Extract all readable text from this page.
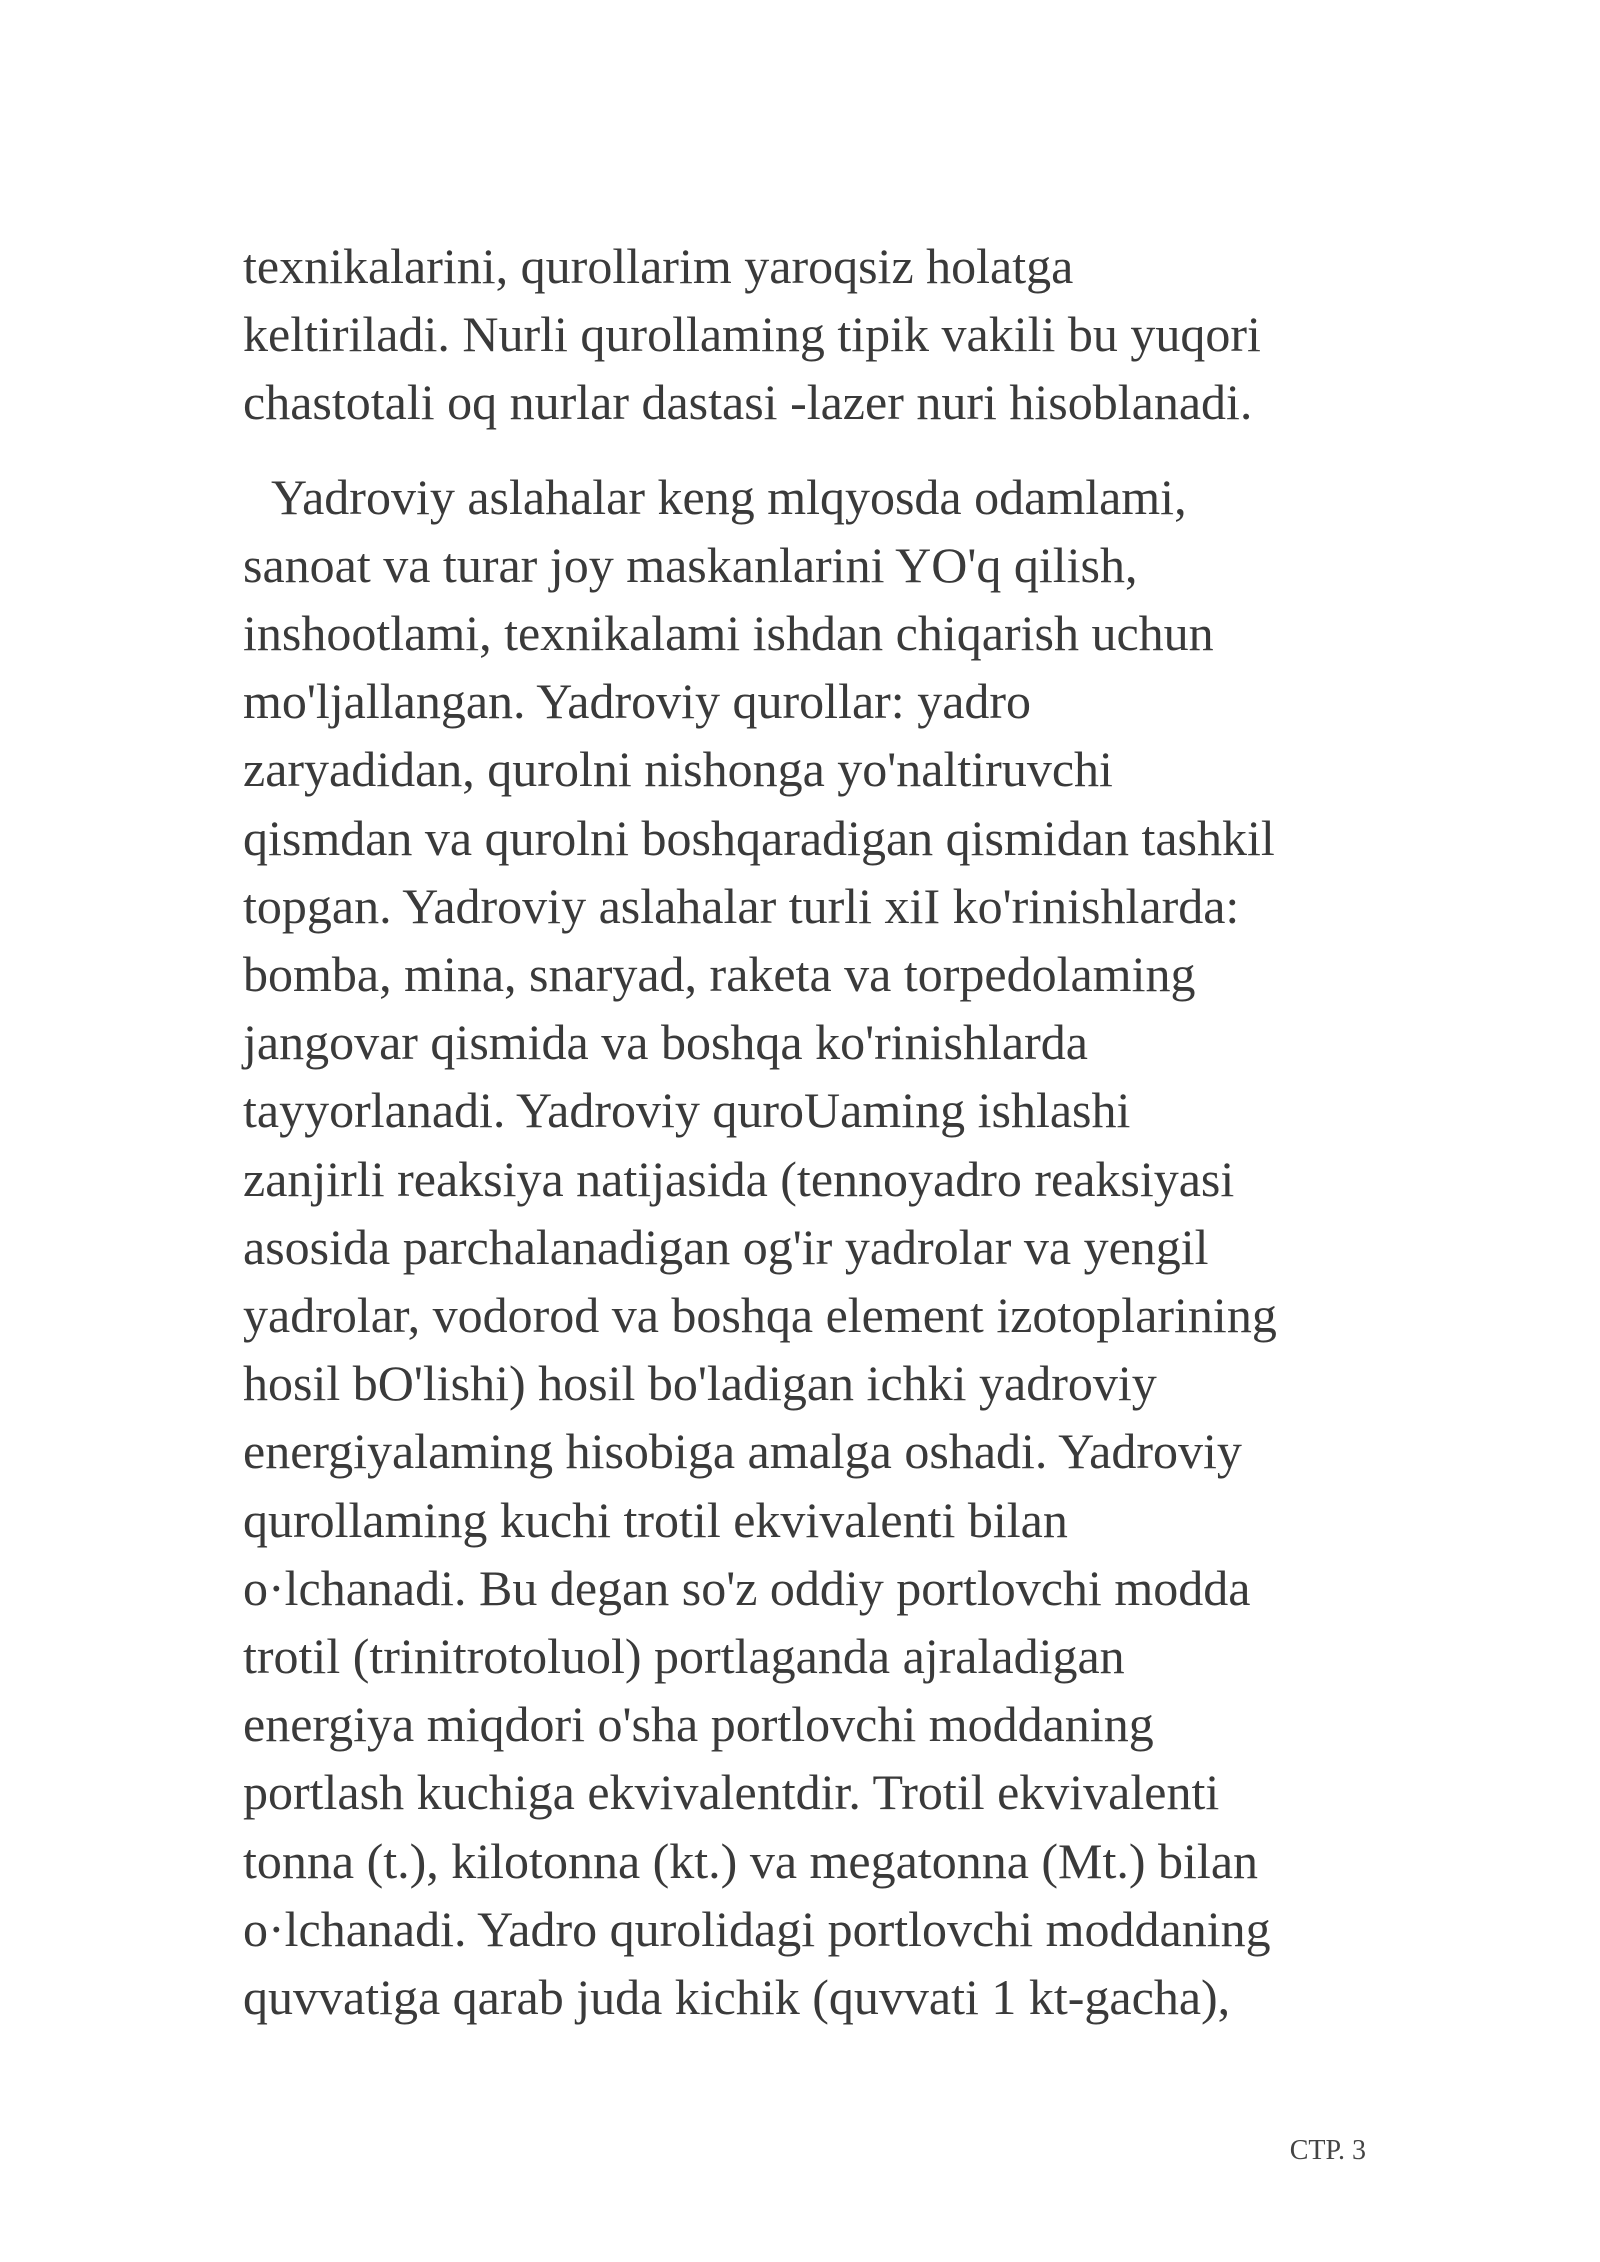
texnikalarini, qurollarim yaroqsiz holatga
keltiriladi. Nurli qurollaming tipik vakili bu yuqori
chastotali oq nurlar dastasi -lazer nuri hisoblanadi.
Yadroviy aslahalar keng mlqyosda odamlami,
sanoat va turar joy maskanlarini YO'q qilish,
inshootlami, texnikalami ishdan chiqarish uchun
mo'ljallangan. Yadroviy qurollar: yadro
zaryadidan, qurolni nishonga yo'naltiruvchi
qismdan va qurolni boshqaradigan qismidan tashkil
topgan. Yadroviy aslahalar turli xiI ko'rinishlarda:
bomba, mina, snaryad, raketa va torpedolaming
jangovar qismida va boshqa ko'rinishlarda
tayyorlanadi. Yadroviy quroUaming ishlashi
zanjirli reaksiya natijasida (tennoyadro reaksiyasi
asosida parchalanadigan og'ir yadrolar va yengil
yadrolar, vodorod va boshqa element izotoplarining
hosil bO'lishi) hosil bo'ladigan ichki yadroviy
energiyalaming hisobiga amalga oshadi. Yadroviy
qurollaming kuchi trotil ekvivalenti bilan
o·lchanadi. Bu degan so'z oddiy portlovchi modda
trotil (trinitrotoluol) portlaganda ajraladigan
energiya miqdori o'sha portlovchi moddaning
portlash kuchiga ekvivalentdir. Trotil ekvivalenti
tonna (t.), kilotonna (kt.) va megatonna (Mt.) bilan
o·lchanadi. Yadro qurolidagi portlovchi moddaning
quvvatiga qarab juda kichik (quvvati 1 kt-gacha),
CTP. 3
